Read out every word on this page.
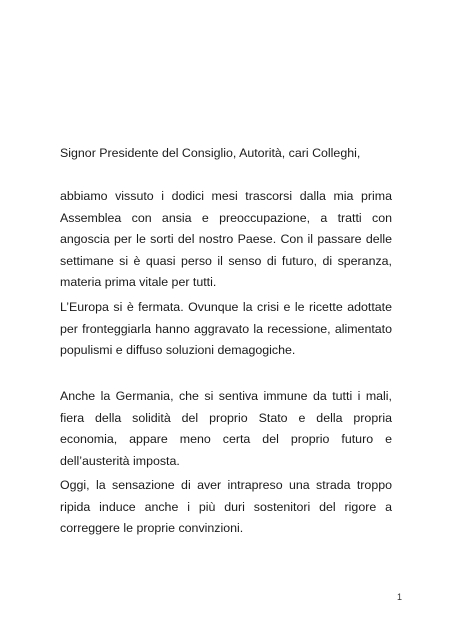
Signor Presidente del Consiglio, Autorità, cari Colleghi,

abbiamo vissuto i dodici mesi trascorsi dalla mia prima Assemblea con ansia e preoccupazione, a tratti con angoscia per le sorti del nostro Paese. Con il passare delle settimane si è quasi perso il senso di futuro, di speranza, materia prima vitale per tutti.

L’Europa si è fermata. Ovunque la crisi e le ricette adottate per fronteggiarla hanno aggravato la recessione, alimentato populismi e diffuso soluzioni demagogiche.

Anche la Germania, che si sentiva immune da tutti i mali, fiera della solidità del proprio Stato e della propria economia, appare meno certa del proprio futuro e dell’austerità imposta.

Oggi, la sensazione di aver intrapreso una strada troppo ripida induce anche i più duri sostenitori del rigore a correggere le proprie convinzioni.

1
